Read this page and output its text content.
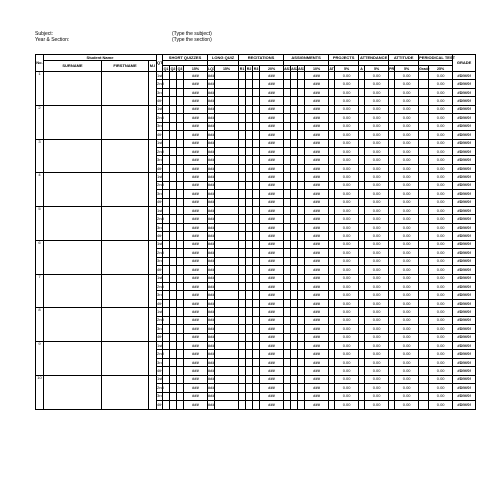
Subject:	(Type the subject)
Year & Section:	(Type the section)
No.	Student Name			QT	SHORT QUIZZES				LONG QUIZ		RECITATIONS				ASSIGNMENTS				PROJECTS		ATTENDANCE		ATTITUDE		PERIODICAL TEST		GRADE
	SURNAME	FIRSTNAME	M.I																								
					Q1	Q2	Q3	15%	LQ1	15%	R1	R2	R3	20%	AS1	AS2	AS3	10%	AT	5%	A	5%	PR	5%	Grade	25%	
1				1st				###	###					###				###		0.00		0.00		0.00		0.00	#DIV/0!
				2nd				###	###					###				###		0.00		0.00		0.00		0.00	#DIV/0!
				3rd				###	###					###				###		0.00		0.00		0.00		0.00	#DIV/0!
				4th				###	###					###				###		0.00		0.00		0.00		0.00	#DIV/0!
2				1st				###	###					###				###		0.00		0.00		0.00		0.00	#DIV/0!
				2nd				###	###					###				###		0.00		0.00		0.00		0.00	#DIV/0!
				3rd				###	###					###				###		0.00		0.00		0.00		0.00	#DIV/0!
				4th				###	###					###				###		0.00		0.00		0.00		0.00	#DIV/0!
3				1st				###	###					###				###		0.00		0.00		0.00		0.00	#DIV/0!
				2nd				###	###					###				###		0.00		0.00		0.00		0.00	#DIV/0!
				3rd				###	###					###				###		0.00		0.00		0.00		0.00	#DIV/0!
				4th				###	###					###				###		0.00		0.00		0.00		0.00	#DIV/0!
4				1st				###	###					###				###		0.00		0.00		0.00		0.00	#DIV/0!
				2nd				###	###					###				###		0.00		0.00		0.00		0.00	#DIV/0!
				3rd				###	###					###				###		0.00		0.00		0.00		0.00	#DIV/0!
				4th				###	###					###				###		0.00		0.00		0.00		0.00	#DIV/0!
5				1st				###	###					###				###		0.00		0.00		0.00		0.00	#DIV/0!
				2nd				###	###					###				###		0.00		0.00		0.00		0.00	#DIV/0!
				3rd				###	###					###				###		0.00		0.00		0.00		0.00	#DIV/0!
				4th				###	###					###				###		0.00		0.00		0.00		0.00	#DIV/0!
6				1st				###	###					###				###		0.00		0.00		0.00		0.00	#DIV/0!
				2nd				###	###					###				###		0.00		0.00		0.00		0.00	#DIV/0!
				3rd				###	###					###				###		0.00		0.00		0.00		0.00	#DIV/0!
				4th				###	###					###				###		0.00		0.00		0.00		0.00	#DIV/0!
7				1st				###	###					###				###		0.00		0.00		0.00		0.00	#DIV/0!
				2nd				###	###					###				###		0.00		0.00		0.00		0.00	#DIV/0!
				3rd				###	###					###				###		0.00		0.00		0.00		0.00	#DIV/0!
				4th				###	###					###				###		0.00		0.00		0.00		0.00	#DIV/0!
8				1st				###	###					###				###		0.00		0.00		0.00		0.00	#DIV/0!
				2nd				###	###					###				###		0.00		0.00		0.00		0.00	#DIV/0!
				3rd				###	###					###				###		0.00		0.00		0.00		0.00	#DIV/0!
				4th				###	###					###				###		0.00		0.00		0.00		0.00	#DIV/0!
9				1st				###	###					###				###		0.00		0.00		0.00		0.00	#DIV/0!
				2nd				###	###					###				###		0.00		0.00		0.00		0.00	#DIV/0!
				3rd				###	###					###				###		0.00		0.00		0.00		0.00	#DIV/0!
				4th				###	###					###				###		0.00		0.00		0.00		0.00	#DIV/0!
10				1st				###	###					###				###		0.00		0.00		0.00		0.00	#DIV/0!
				2nd				###	###					###				###		0.00		0.00		0.00		0.00	#DIV/0!
				3rd				###	###					###				###		0.00		0.00		0.00		0.00	#DIV/0!
				4th				###	###					###				###		0.00		0.00		0.00		0.00	#DIV/0!
